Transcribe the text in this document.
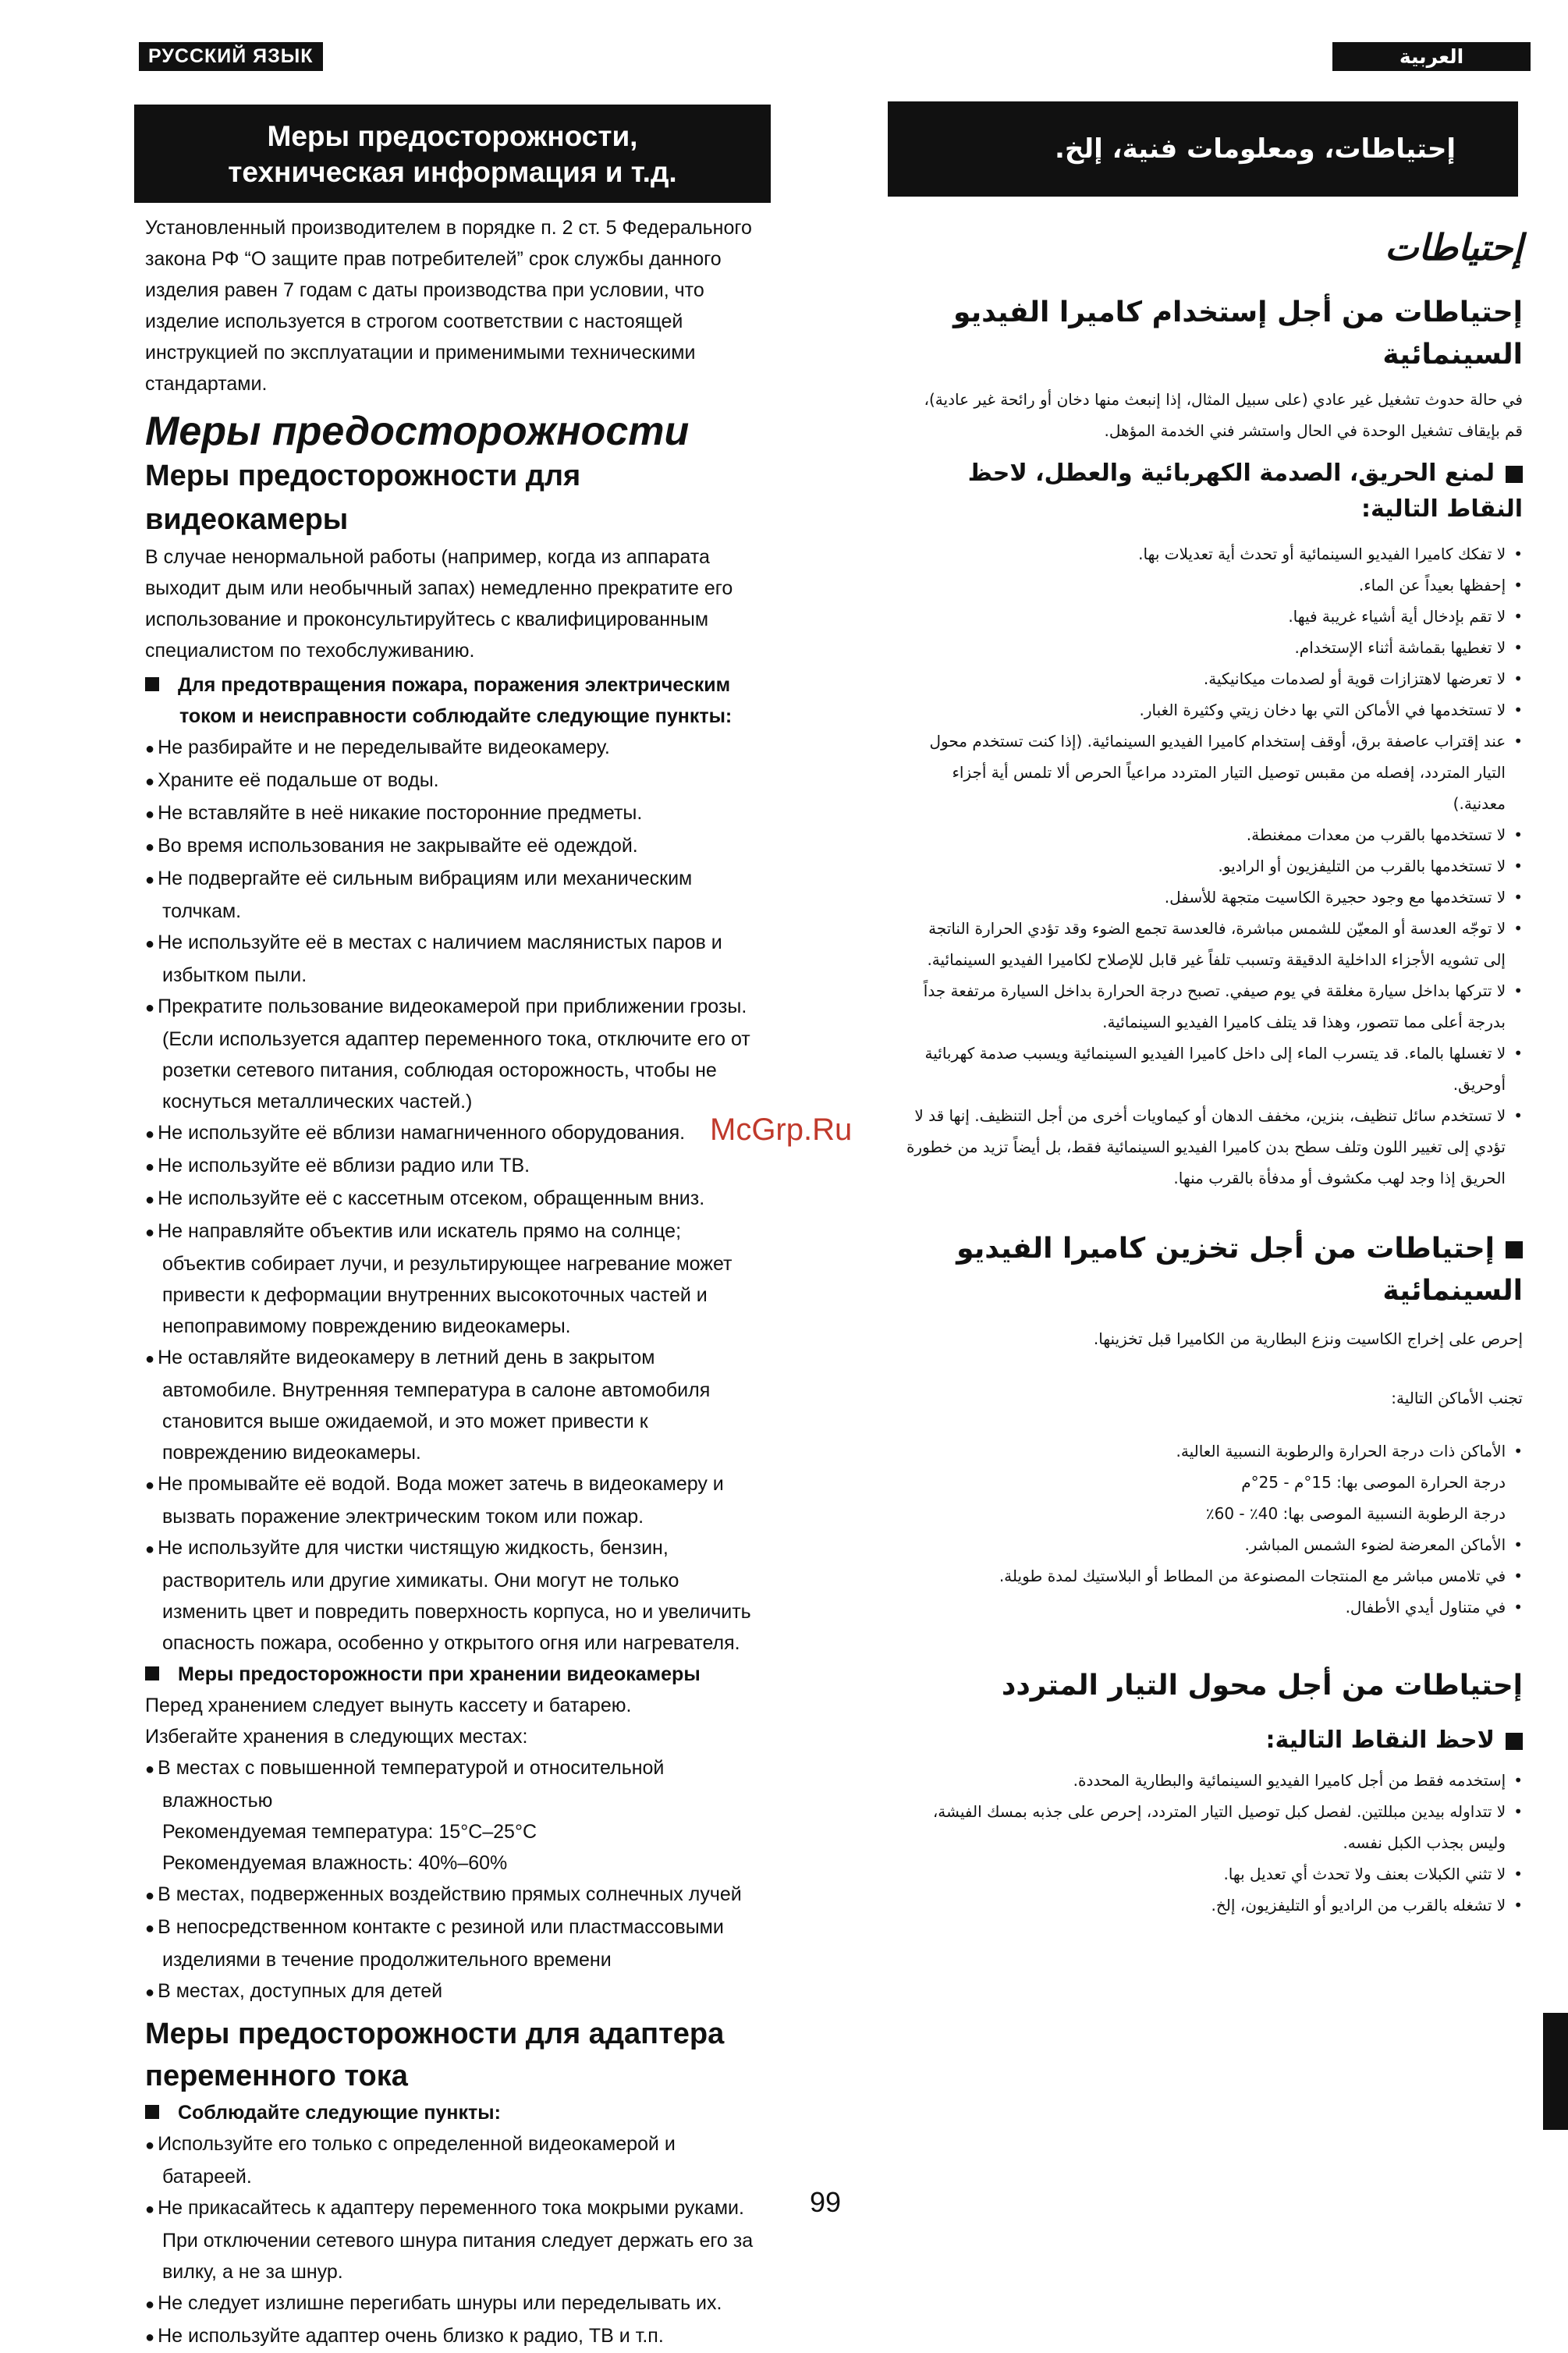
РУССКИЙ ЯЗЫК	العربية
Меры предосторожности, техническая информация и т.д.

Установленный производителем в порядке п. 2 ст. 5 Федерального закона РФ “О защите прав потребителей” срок службы данного изделия равен 7 годам с даты производства при условии, что изделие используется в строгом соответствии с настоящей инструкцией по эксплуатации и применимыми техническими стандартами.

Меры предосторожности
Меры предосторожности для видеокамеры

В случае ненормальной работы (например, когда из аппарата выходит дым или необычный запах) немедленно прекратите его использование и проконсультируйтесь с квалифицированным специалистом по техобслуживанию.

Для предотвращения пожара, поражения электрическим током и неисправности соблюдайте следующие пункты:

● Не разбирайте и не переделывайте видеокамеру.

● Храните её подальше от воды.

● Не вставляйте в неё никакие посторонние предметы.

● Во время использования не закрывайте её одеждой.

● Не подвергайте её сильным вибрациям или механическим толчкам.

● Не используйте её в местах с наличием маслянистых паров и избытком пыли.

● Прекратите пользование видеокамерой при приближении грозы. (Если используется адаптер переменного тока, отключите его от розетки сетевого питания, соблюдая осторожность, чтобы не коснуться металлических частей.)

● Не используйте её вблизи намагниченного оборудования.

● Не используйте её вблизи радио или ТВ.

● Не используйте её с кассетным отсеком, обращенным вниз.

● Не направляйте объектив или искатель прямо на солнце; объектив собирает лучи, и результирующее нагревание может привести к деформации внутренних высокоточных частей и непоправимому повреждению видеокамеры.

● Не оставляйте видеокамеру в летний день в закрытом автомобиле. Внутренняя температура в салоне автомобиля становится выше ожидаемой, и это может привести к повреждению видеокамеры.

● Не промывайте её водой. Вода может затечь в видеокамеру и вызвать поражение электрическим током или пожар.

● Не используйте для чистки чистящую жидкость, бензин, растворитель или другие химикаты. Они могут не только изменить цвет и повредить поверхность корпуса, но и увеличить опасность пожара, особенно у открытого огня или нагревателя.

Меры предосторожности при хранении видеокамеры

Перед хранением следует вынуть кассету и батарею.

Избегайте хранения в следующих местах:

● В местах с повышенной температурой и относительной влажностью

Рекомендуемая температура: 15°C–25°C

Рекомендуемая влажность: 40%–60%

● В местах, подверженных воздействию прямых солнечных лучей

● В непосредственном контакте с резиной или пластмассовыми изделиями в течение продолжительного времени

● В местах, доступных для детей

Меры предосторожности для адаптера переменного тока

Соблюдайте следующие пункты:

● Используйте его только с определенной видеокамерой и батареей.

● Не прикасайтесь к адаптеру переменного тока мокрыми руками. При отключении сетевого шнура питания следует держать его за вилку, а не за шнур.

● Не следует излишне перегибать шнуры или переделывать их.

● Не используйте адаптер очень близко к радио, ТВ и т.п.

إحتياطات، ومعلومات فنية، إلخ.
إحتياطات
إحتياطات من أجل إستخدام كاميرا الفيديو السينمائية

في حالة حدوث تشغيل غير عادي (على سبيل المثال، إذا إنبعث منها دخان أو رائحة غير عادية)، قم بإيقاف تشغيل الوحدة في الحال واستشر فني الخدمة المؤهل.

لمنع الحريق، الصدمة الكهربائية والعطل، لاحظ النقاط التالية:

• لا تفكك كاميرا الفيديو السينمائية أو تحدث أية تعديلات بها.

• إحفظها بعيداً عن الماء.

• لا تقم بإدخال أية أشياء غريبة فيها.

• لا تغطيها بقماشة أثناء الإستخدام.

• لا تعرضها لاهتزازات قوية أو لصدمات ميكانيكية.

• لا تستخدمها في الأماكن التي بها دخان زيتي وكثيرة الغبار.

• عند إقتراب عاصفة برق، أوقف إستخدام كاميرا الفيديو السينمائية. (إذا كنت تستخدم محول التيار المتردد، إفصله من مقبس توصيل التيار المتردد مراعياً الحرص ألا تلمس أية أجزاء معدنية.)

• لا تستخدمها بالقرب من معدات ممغنطة.

• لا تستخدمها بالقرب من التليفزيون أو الراديو.

• لا تستخدمها مع وجود حجيرة الكاسيت متجهة للأسفل.

• لا توجّه العدسة أو المعيّن للشمس مباشرة، فالعدسة تجمع الضوء وقد تؤدي الحرارة الناتجة إلى تشويه الأجزاء الداخلية الدقيقة وتسبب تلفاً غير قابل للإصلاح لكاميرا الفيديو السينمائية.

• لا تتركها بداخل سيارة مغلقة في يوم صيفي. تصبح درجة الحرارة بداخل السيارة مرتفعة جداً بدرجة أعلى مما تتصور، وهذا قد يتلف كاميرا الفيديو السينمائية.

• لا تغسلها بالماء. قد يتسرب الماء إلى داخل كاميرا الفيديو السينمائية ويسبب صدمة كهربائية أوحريق.

• لا تستخدم سائل تنظيف، بنزين، مخفف الدهان أو كيماويات أخرى من أجل التنظيف. إنها قد لا تؤدي إلى تغيير اللون وتلف سطح بدن كاميرا الفيديو السينمائية فقط، بل أيضاً تزيد من خطورة الحريق إذا وجد لهب مكشوف أو مدفأة بالقرب منها.

إحتياطات من أجل تخزين كاميرا الفيديو السينمائية

إحرص على إخراج الكاسيت ونزع البطارية من الكاميرا قبل تخزينها.

تجنب الأماكن التالية:

• الأماكن ذات درجة الحرارة والرطوبة النسبية العالية.

درجة الحرارة الموصى بها: 15°م - 25°م

درجة الرطوبة النسبية الموصى بها: 40٪ - 60٪

• الأماكن المعرضة لضوء الشمس المباشر.

• في تلامس مباشر مع المنتجات المصنوعة من المطاط أو البلاستيك لمدة طويلة.

• في متناول أيدي الأطفال.

إحتياطات من أجل محول التيار المتردد

لاحظ النقاط التالية:

• إستخدمه فقط من أجل كاميرا الفيديو السينمائية والبطارية المحددة.

• لا تتداوله بيدين مبللتين. لفصل كبل توصيل التيار المتردد، إحرص على جذبه بمسك الفيشة، وليس بجذب الكبل نفسه.

• لا تثني الكبلات بعنف ولا تحدث أي تعديل بها.

• لا تشغله بالقرب من الراديو أو التليفزيون، إلخ.

McGrp.Ru
99
